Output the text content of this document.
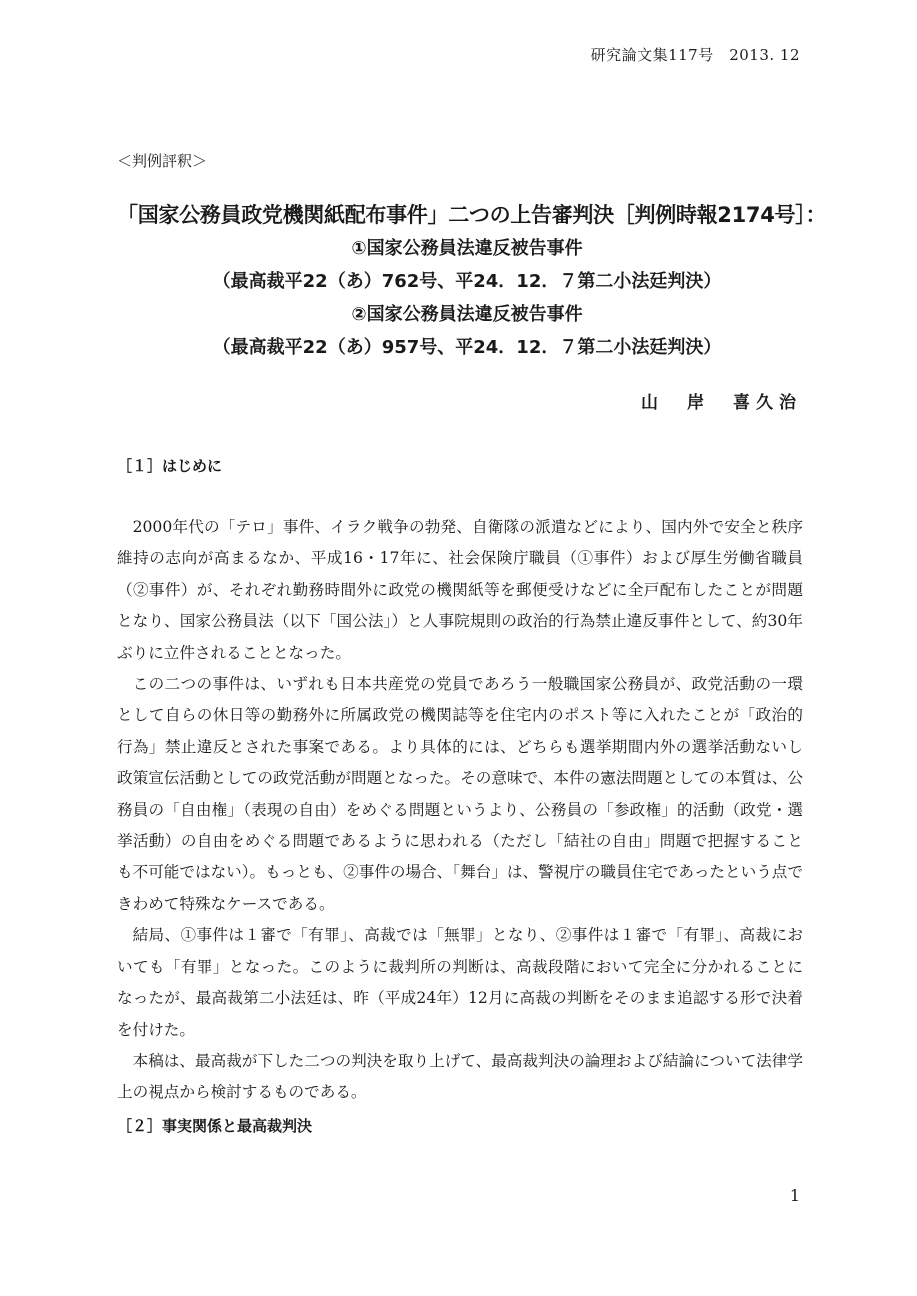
研究論文集117号　2013. 12
＜判例評釈＞
「国家公務員政党機関紙配布事件」二つの上告審判決［判例時報2174号］：
①国家公務員法違反被告事件
（最高裁平22（あ）762号、平24．12．７第二小法廷判決）
②国家公務員法違反被告事件
（最高裁平22（あ）957号、平24．12．７第二小法廷判決）
山　岸　喜久治
［１］はじめに

2000年代の「テロ」事件、イラク戦争の勃発、自衛隊の派遣などにより、国内外で安全と秩序維持の志向が高まるなか、平成16・17年に、社会保険庁職員（①事件）および厚生労働省職員（②事件）が、それぞれ勤務時間外に政党の機関紙等を郵便受けなどに全戸配布したことが問題となり、国家公務員法（以下「国公法」）と人事院規則の政治的行為禁止違反事件として、約30年ぶりに立件されることとなった。

この二つの事件は、いずれも日本共産党の党員であろう一般職国家公務員が、政党活動の一環として自らの休日等の勤務外に所属政党の機関誌等を住宅内のポスト等に入れたことが「政治的行為」禁止違反とされた事案である。より具体的には、どちらも選挙期間内外の選挙活動ないし政策宣伝活動としての政党活動が問題となった。その意味で、本件の憲法問題としての本質は、公務員の「自由権」（表現の自由）をめぐる問題というより、公務員の「参政権」的活動（政党・選挙活動）の自由をめぐる問題であるように思われる（ただし「結社の自由」問題で把握することも不可能ではない）。もっとも、②事件の場合、「舞台」は、警視庁の職員住宅であったという点できわめて特殊なケースである。

結局、①事件は１審で「有罪」、高裁では「無罪」となり、②事件は１審で「有罪」、高裁においても「有罪」となった。このように裁判所の判断は、高裁段階において完全に分かれることになったが、最高裁第二小法廷は、昨（平成24年）12月に高裁の判断をそのまま追認する形で決着を付けた。

本稿は、最高裁が下した二つの判決を取り上げて、最高裁判決の論理および結論について法律学上の視点から検討するものである。

［２］事実関係と最高裁判決
1
